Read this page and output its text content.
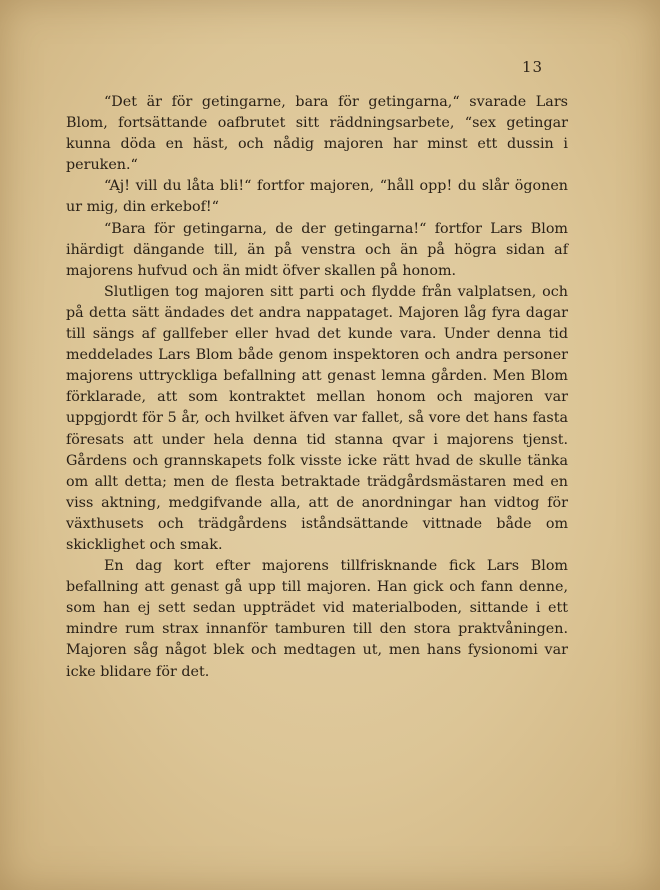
13

“Det är för getingarne, bara för getingarna,“ svarade Lars Blom, fortsättande oafbrutet sitt räddningsarbete, “sex getingar kunna döda en häst, och nådig majoren har minst ett dussin i peruken.“

“Aj! vill du låta bli!“ fortfor majoren, “håll opp! du slår ögonen ur mig, din erkebof!“

“Bara för getingarna, de der getingarna!“ fortfor Lars Blom ihärdigt dängande till, än på venstra och än på högra sidan af majorens hufvud och än midt öfver skallen på honom.

Slutligen tog majoren sitt parti och flydde från valplatsen, och på detta sätt ändades det andra nappataget. Majoren låg fyra dagar till sängs af gallfeber eller hvad det kunde vara. Under denna tid meddelades Lars Blom både genom inspektoren och andra personer majorens uttryckliga befallning att genast lemna gården. Men Blom förklarade, att som kontraktet mellan honom och majoren var uppgjordt för 5 år, och hvilket äfven var fallet, så vore det hans fasta föresats att under hela denna tid stanna qvar i majorens tjenst. Gårdens och grannskapets folk visste icke rätt hvad de skulle tänka om allt detta; men de flesta betraktade trädgårdsmästaren med en viss aktning, medgifvande alla, att de anordningar han vidtog för växthusets och trädgårdens iståndsättande vittnade både om skicklighet och smak.

En dag kort efter majorens tillfrisknande fick Lars Blom befallning att genast gå upp till majoren. Han gick och fann denne, som han ej sett sedan uppträdet vid materialboden, sittande i ett mindre rum strax innanför tamburen till den stora praktvåningen. Majoren såg något blek och medtagen ut, men hans fysionomi var icke blidare för det.
